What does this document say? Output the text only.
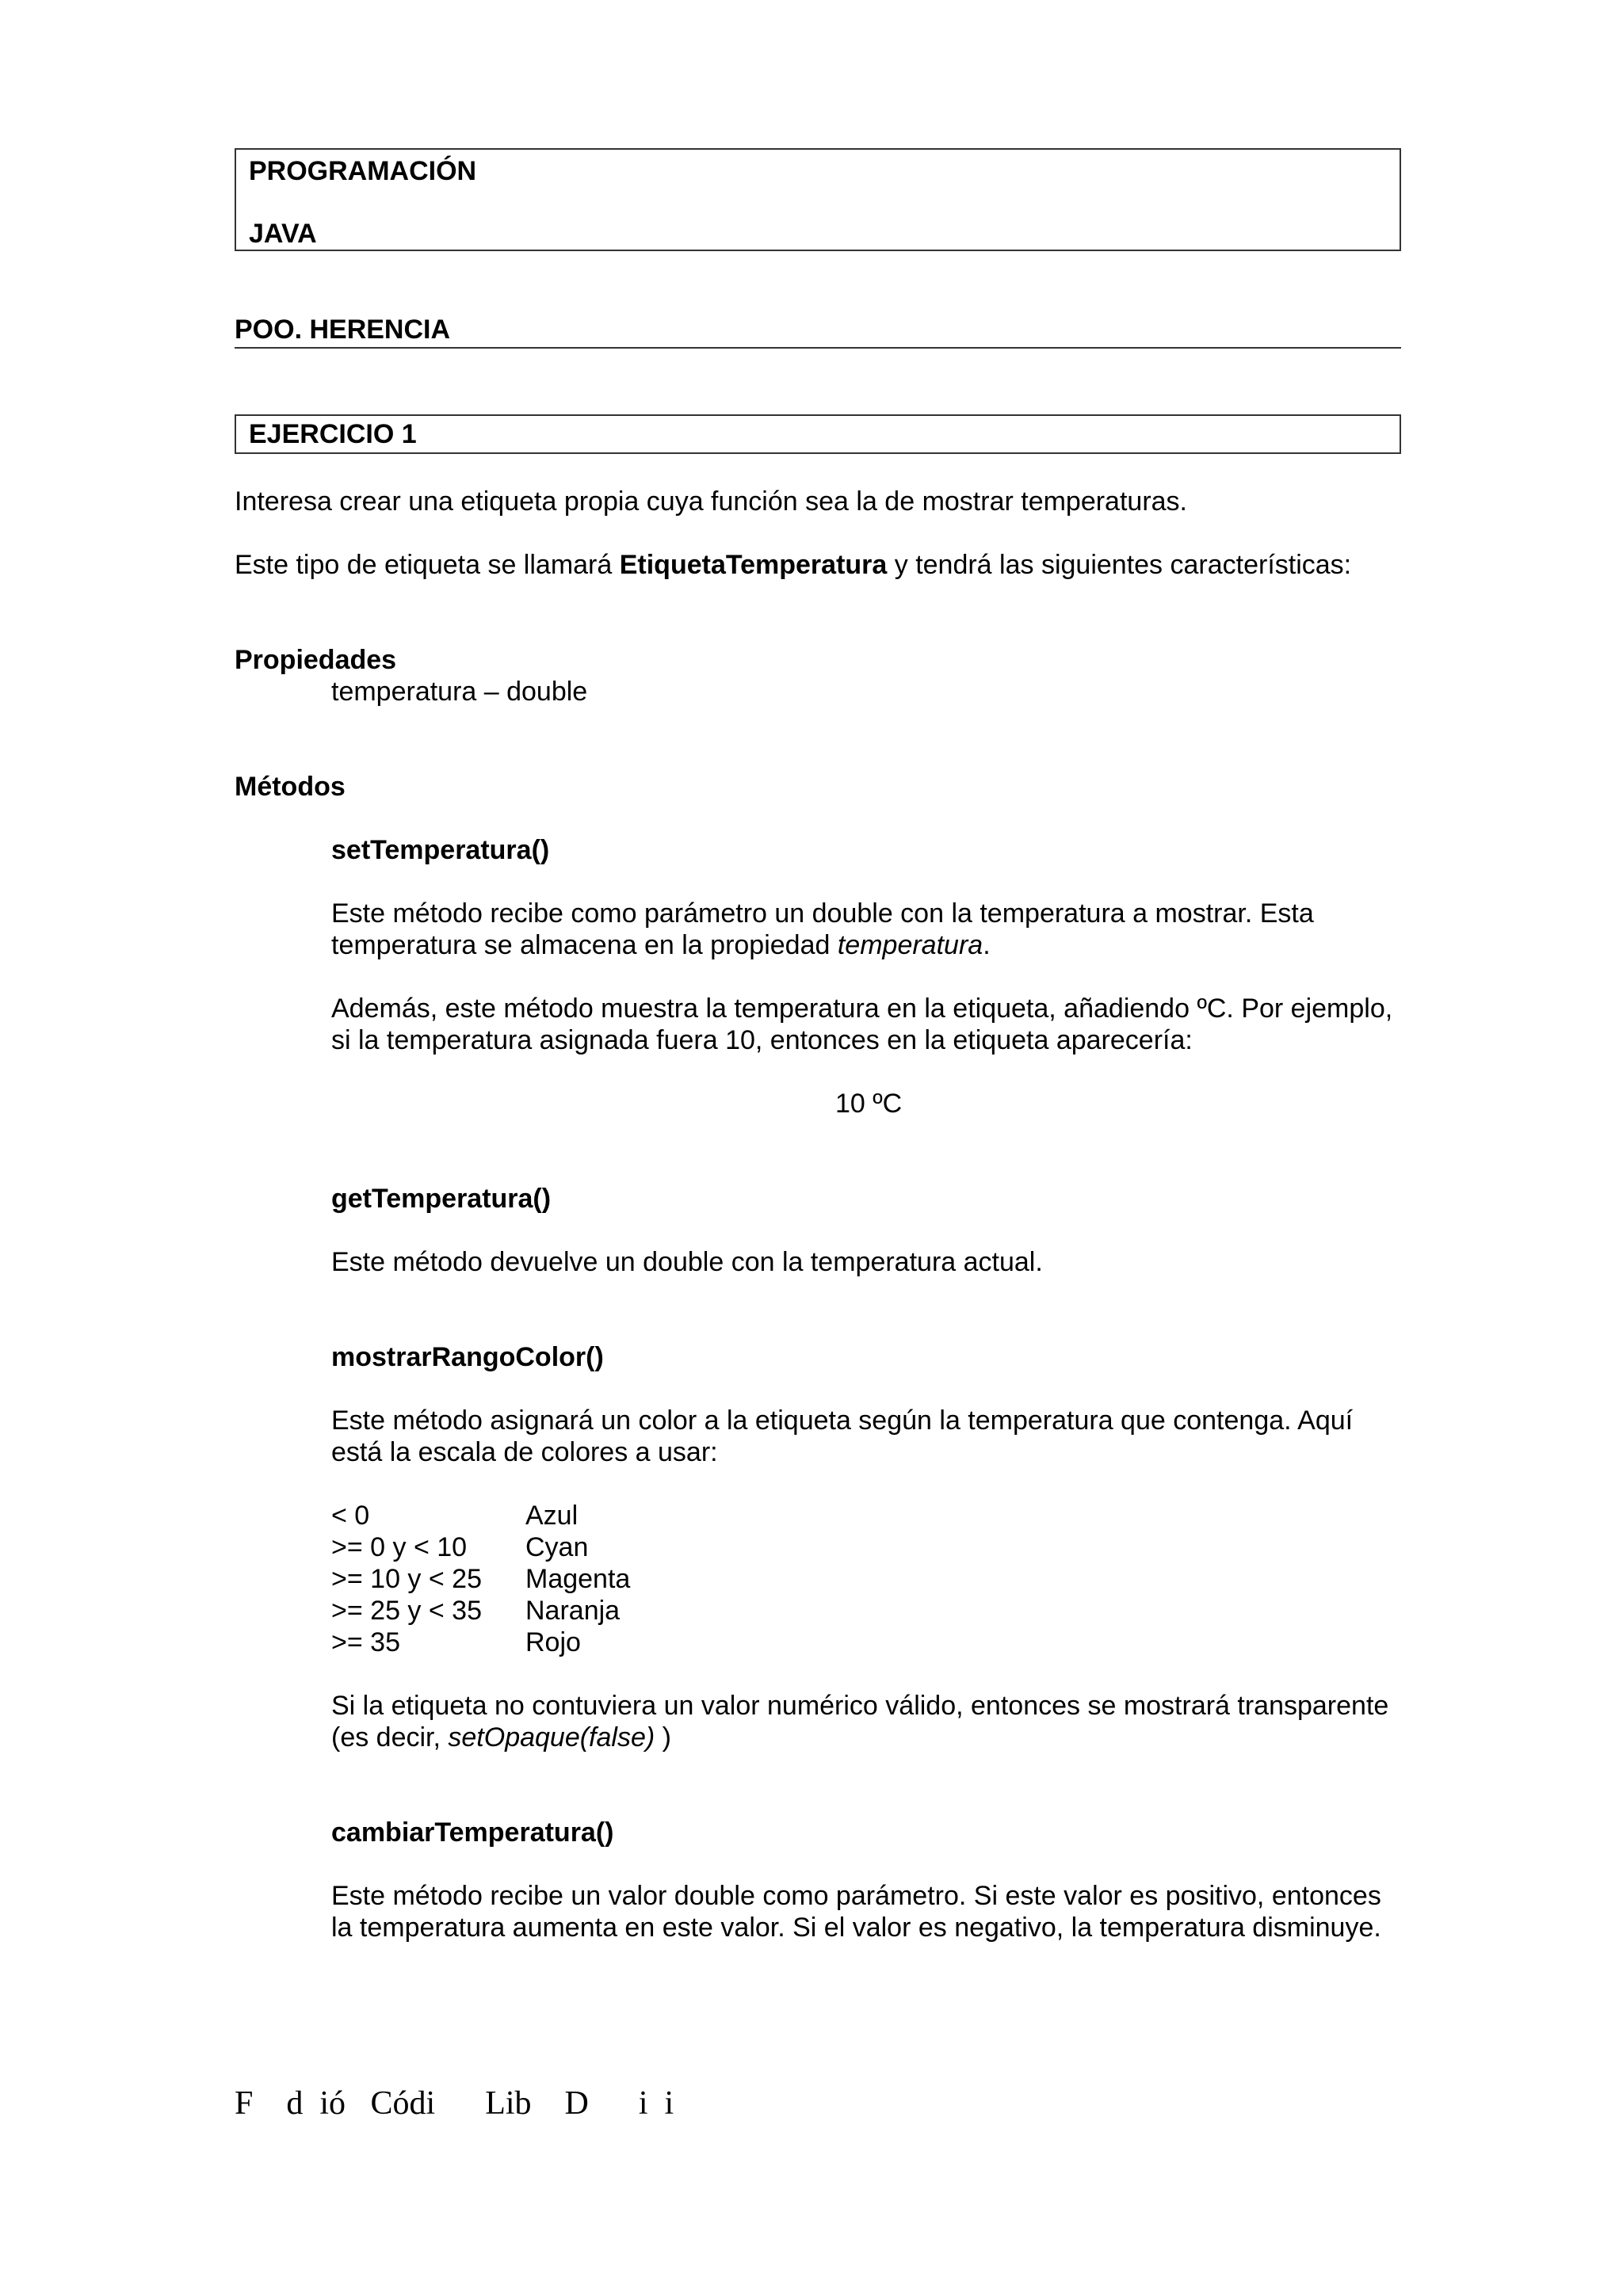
PROGRAMACIÓN
JAVA
POO. HERENCIA
EJERCICIO 1
Interesa crear una etiqueta propia cuya función sea la de mostrar temperaturas.
Este tipo de etiqueta se llamará EtiquetaTemperatura y tendrá las siguientes características:
Propiedades
temperatura – double
Métodos
setTemperatura()
Este método recibe como parámetro un double con la temperatura a mostrar. Esta temperatura se almacena en la propiedad temperatura.
Además, este método muestra la temperatura en la etiqueta, añadiendo ºC. Por ejemplo, si la temperatura asignada fuera 10, entonces en la etiqueta aparecería:
10 ºC
getTemperatura()
Este método devuelve un double con la temperatura actual.
mostrarRangoColor()
Este método asignará un color a la etiqueta según la temperatura que contenga. Aquí está la escala de colores a usar:
< 0	Azul
>= 0 y < 10 Cyan
>= 10 y < 25 Magenta
>= 25 y < 35 Naranja
>= 35	Rojo
Si la etiqueta no contuviera un valor numérico válido, entonces se mostrará transparente (es decir, setOpaque(false) )
cambiarTemperatura()
Este método recibe un valor double como parámetro. Si este valor es positivo, entonces la temperatura aumenta en este valor. Si el valor es negativo, la temperatura disminuye.
F    d  ió   Códi      Lib    D      i  i
